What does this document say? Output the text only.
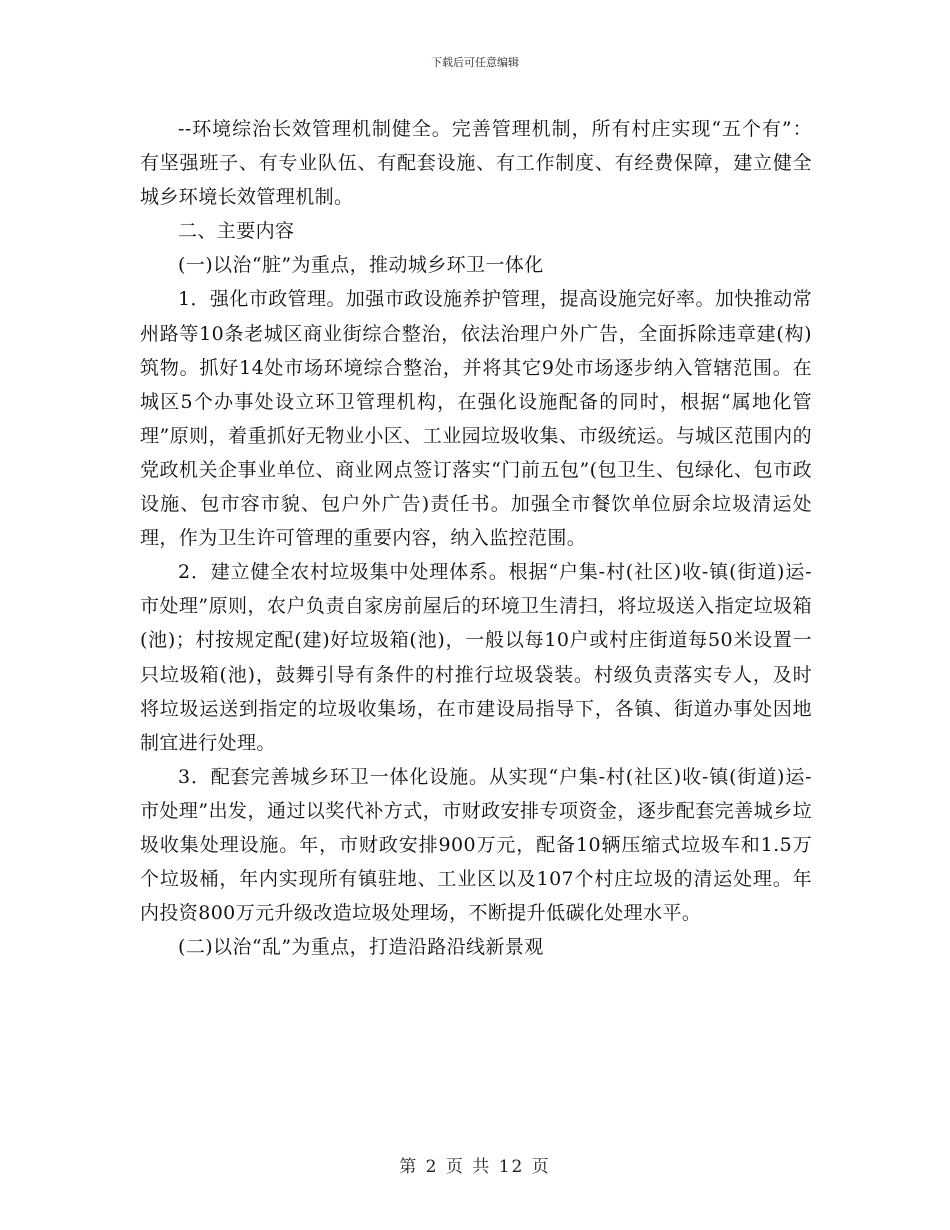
下载后可任意编辑

--环境综治长效管理机制健全。完善管理机制，所有村庄实现“五个有”：有坚强班子、有专业队伍、有配套设施、有工作制度、有经费保障，建立健全城乡环境长效管理机制。

二、主要内容

(一)以治“脏”为重点，推动城乡环卫一体化

1．强化市政管理。加强市政设施养护管理，提高设施完好率。加快推动常州路等10条老城区商业街综合整治，依法治理户外广告，全面拆除违章建(构)筑物。抓好14处市场环境综合整治，并将其它9处市场逐步纳入管辖范围。在城区5个办事处设立环卫管理机构，在强化设施配备的同时，根据“属地化管理”原则，着重抓好无物业小区、工业园垃圾收集、市级统运。与城区范围内的党政机关企事业单位、商业网点签订落实“门前五包”(包卫生、包绿化、包市政设施、包市容市貌、包户外广告)责任书。加强全市餐饮单位厨余垃圾清运处理，作为卫生许可管理的重要内容，纳入监控范围。

2．建立健全农村垃圾集中处理体系。根据“户集-村(社区)收-镇(街道)运-市处理”原则，农户负责自家房前屋后的环境卫生清扫，将垃圾送入指定垃圾箱(池)；村按规定配(建)好垃圾箱(池)，一般以每10户或村庄街道每50米设置一只垃圾箱(池)，鼓舞引导有条件的村推行垃圾袋装。村级负责落实专人，及时将垃圾运送到指定的垃圾收集场，在市建设局指导下，各镇、街道办事处因地制宜进行处理。

3．配套完善城乡环卫一体化设施。从实现“户集-村(社区)收-镇(街道)运-市处理”出发，通过以奖代补方式，市财政安排专项资金，逐步配套完善城乡垃圾收集处理设施。年，市财政安排900万元，配备10辆压缩式垃圾车和1.5万个垃圾桶，年内实现所有镇驻地、工业区以及107个村庄垃圾的清运处理。年内投资800万元升级改造垃圾处理场，不断提升低碳化处理水平。

(二)以治“乱”为重点，打造沿路沿线新景观

第 2 页 共 12 页
